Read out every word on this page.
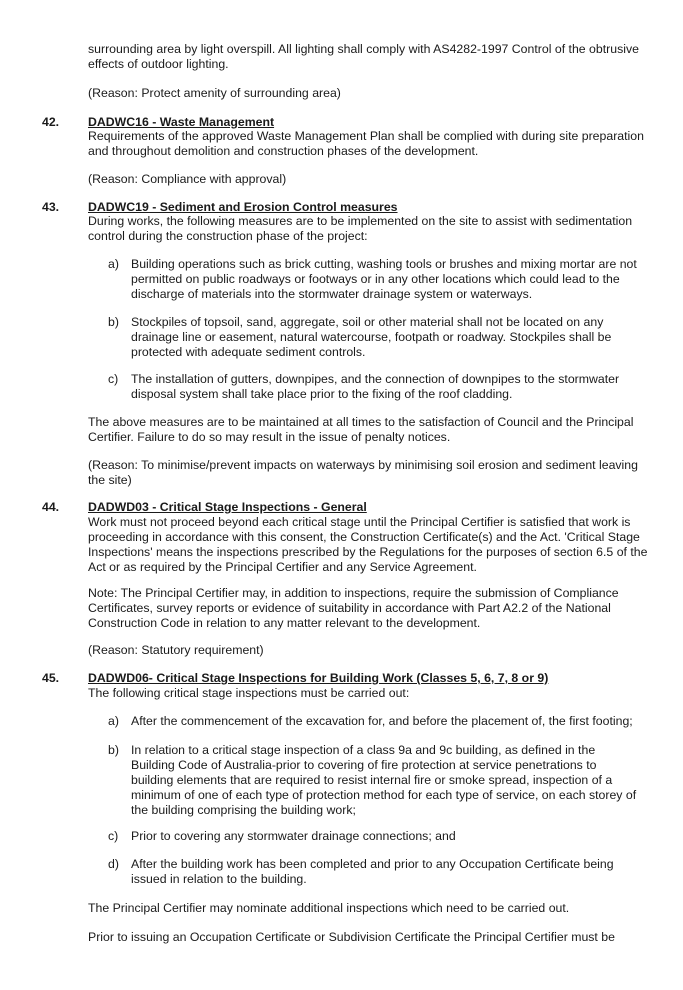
surrounding area by light overspill. All lighting shall comply with AS4282-1997 Control of the obtrusive effects of outdoor lighting.

(Reason: Protect amenity of surrounding area)

42. DADWC16 - Waste Management

Requirements of the approved Waste Management Plan shall be complied with during site preparation and throughout demolition and construction phases of the development.

(Reason: Compliance with approval)

43. DADWC19 - Sediment and Erosion Control measures

During works, the following measures are to be implemented on the site to assist with sedimentation control during the construction phase of the project:

a) Building operations such as brick cutting, washing tools or brushes and mixing mortar are not permitted on public roadways or footways or in any other locations which could lead to the discharge of materials into the stormwater drainage system or waterways.

b) Stockpiles of topsoil, sand, aggregate, soil or other material shall not be located on any drainage line or easement, natural watercourse, footpath or roadway. Stockpiles shall be protected with adequate sediment controls.

c) The installation of gutters, downpipes, and the connection of downpipes to the stormwater disposal system shall take place prior to the fixing of the roof cladding.

The above measures are to be maintained at all times to the satisfaction of Council and the Principal Certifier. Failure to do so may result in the issue of penalty notices.

(Reason: To minimise/prevent impacts on waterways by minimising soil erosion and sediment leaving the site)

44. DADWD03 - Critical Stage Inspections - General

Work must not proceed beyond each critical stage until the Principal Certifier is satisfied that work is proceeding in accordance with this consent, the Construction Certificate(s) and the Act. 'Critical Stage Inspections' means the inspections prescribed by the Regulations for the purposes of section 6.5 of the Act or as required by the Principal Certifier and any Service Agreement.

Note: The Principal Certifier may, in addition to inspections, require the submission of Compliance Certificates, survey reports or evidence of suitability in accordance with Part A2.2 of the National Construction Code in relation to any matter relevant to the development.

(Reason: Statutory requirement)

45. DADWD06- Critical Stage Inspections for Building Work (Classes 5, 6, 7, 8 or 9)

The following critical stage inspections must be carried out:

a) After the commencement of the excavation for, and before the placement of, the first footing;

b) In relation to a critical stage inspection of a class 9a and 9c building, as defined in the Building Code of Australia-prior to covering of fire protection at service penetrations to building elements that are required to resist internal fire or smoke spread, inspection of a minimum of one of each type of protection method for each type of service, on each storey of the building comprising the building work;

c) Prior to covering any stormwater drainage connections; and

d) After the building work has been completed and prior to any Occupation Certificate being issued in relation to the building.

The Principal Certifier may nominate additional inspections which need to be carried out.

Prior to issuing an Occupation Certificate or Subdivision Certificate the Principal Certifier must be
